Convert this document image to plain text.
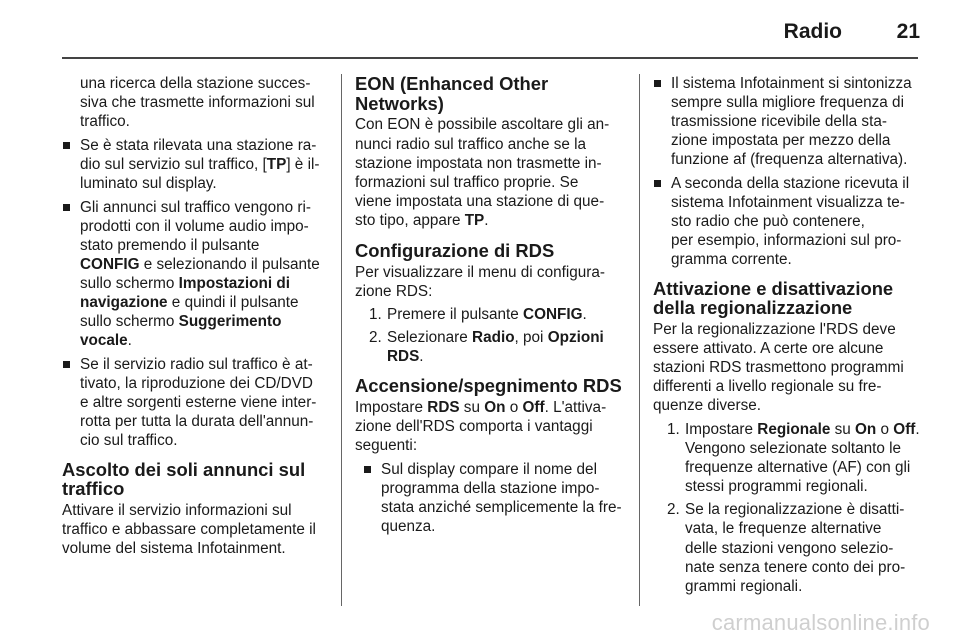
Radio	21
una ricerca della stazione succes-
siva che trasmette informazioni sul
traffico.
Se è stata rilevata una stazione ra-
dio sul servizio sul traffico, [TP] è il-
luminato sul display.
Gli annunci sul traffico vengono ri-
prodotti con il volume audio impo-
stato premendo il pulsante
CONFIG e selezionando il pulsante
sullo schermo Impostazioni di
navigazione e quindi il pulsante
sullo schermo Suggerimento
vocale.
Se il servizio radio sul traffico è at-
tivato, la riproduzione dei CD/DVD
e altre sorgenti esterne viene inter-
rotta per tutta la durata dell'annun-
cio sul traffico.
Ascolto dei soli annunci sul
traffico

Attivare il servizio informazioni sul
traffico e abbassare completamente il
volume del sistema Infotainment.

EON (Enhanced Other
Networks)

Con EON è possibile ascoltare gli an-
nunci radio sul traffico anche se la
stazione impostata non trasmette in-
formazioni sul traffico proprie. Se
viene impostata una stazione di que-
sto tipo, appare TP.

Configurazione di RDS

Per visualizzare il menu di configura-
zione RDS:

1. Premere il pulsante CONFIG.
2. Selezionare Radio, poi Opzioni
RDS.
Accensione/spegnimento RDS

Impostare RDS su On o Off. L'attiva-
zione dell'RDS comporta i vantaggi
seguenti:

Sul display compare il nome del
programma della stazione impo-
stata anziché semplicemente la fre-
quenza.
Il sistema Infotainment si sintonizza
sempre sulla migliore frequenza di
trasmissione ricevibile della sta-
zione impostata per mezzo della
funzione af (frequenza alternativa).
A seconda della stazione ricevuta il
sistema Infotainment visualizza te-
sto radio che può contenere,
per esempio, informazioni sul pro-
gramma corrente.
Attivazione e disattivazione
della regionalizzazione

Per la regionalizzazione l'RDS deve
essere attivato. A certe ore alcune
stazioni RDS trasmettono programmi
differenti a livello regionale su fre-
quenze diverse.

1. Impostare Regionale su On o Off.
Vengono selezionate soltanto le
frequenze alternative (AF) con gli
stessi programmi regionali.
2. Se la regionalizzazione è disatti-
vata, le frequenze alternative
delle stazioni vengono selezio-
nate senza tenere conto dei pro-
grammi regionali.
carmanualsonline.info
